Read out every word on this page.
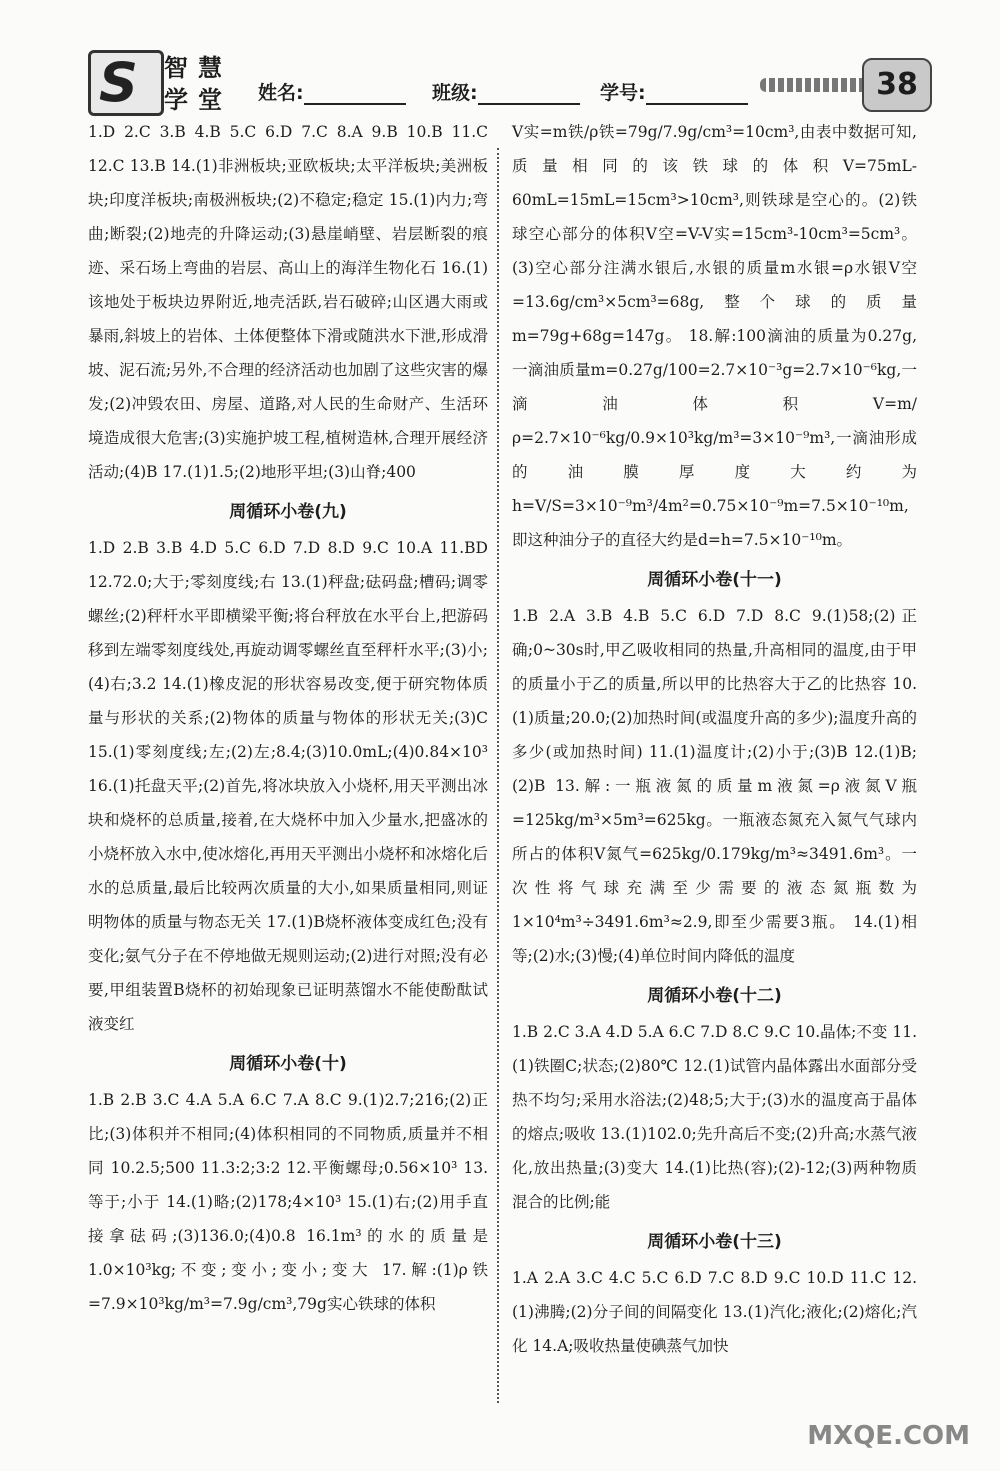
S 智 慧
学 堂 姓名:	班级:	学号:	38

1.D 2.C 3.B 4.B 5.C 6.D 7.C 8.A 9.B 10.B 11.C 12.C 13.B 14.(1)非洲板块;亚欧板块;太平洋板块;美洲板块;印度洋板块;南极洲板块;(2)不稳定;稳定 15.(1)内力;弯曲;断裂;(2)地壳的升降运动;(3)悬崖峭壁、岩层断裂的痕迹、采石场上弯曲的岩层、高山上的海洋生物化石 16.(1)该地处于板块边界附近,地壳活跃,岩石破碎;山区遇大雨或暴雨,斜坡上的岩体、土体便整体下滑或随洪水下泄,形成滑坡、泥石流;另外,不合理的经济活动也加剧了这些灾害的爆发;(2)冲毁农田、房屋、道路,对人民的生命财产、生活环境造成很大危害;(3)实施护坡工程,植树造林,合理开展经济活动;(4)B 17.(1)1.5;(2)地形平坦;(3)山脊;400

周循环小卷(九)

1.D 2.B 3.B 4.D 5.C 6.D 7.D 8.D 9.C 10.A 11.BD 12.72.0;大于;零刻度线;右 13.(1)秤盘;砝码盘;槽码;调零螺丝;(2)秤杆水平即横梁平衡;将台秤放在水平台上,把游码移到左端零刻度线处,再旋动调零螺丝直至秤杆水平;(3)小;(4)右;3.2 14.(1)橡皮泥的形状容易改变,便于研究物体质量与形状的关系;(2)物体的质量与物体的形状无关;(3)C 15.(1)零刻度线;左;(2)左;8.4;(3)10.0mL;(4)0.84×10³ 16.(1)托盘天平;(2)首先,将冰块放入小烧杯,用天平测出冰块和烧杯的总质量,接着,在大烧杯中加入少量水,把盛冰的小烧杯放入水中,使冰熔化,再用天平测出小烧杯和冰熔化后水的总质量,最后比较两次质量的大小,如果质量相同,则证明物体的质量与物态无关 17.(1)B烧杯液体变成红色;没有变化;氨气分子在不停地做无规则运动;(2)进行对照;没有必要,甲组装置B烧杯的初始现象已证明蒸馏水不能使酚酞试液变红

周循环小卷(十)

1.B 2.B 3.C 4.A 5.A 6.C 7.A 8.C 9.(1)2.7;216;(2)正比;(3)体积并不相同;(4)体积相同的不同物质,质量并不相同 10.2.5;500 11.3:2;3:2 12.平衡螺母;0.56×10³ 13.等于;小于 14.(1)略;(2)178;4×10³ 15.(1)右;(2)用手直接拿砝码;(3)136.0;(4)0.8 16.1m³的水的质量是1.0×10³kg;不变;变小;变小;变大 17.解:(1)ρ铁=7.9×10³kg/m³=7.9g/cm³,79g实心铁球的体积

V实=m铁/ρ铁=79g/7.9g/cm³=10cm³,由表中数据可知,质量相同的该铁球的体积V=75mL-60mL=15mL=15cm³>10cm³,则铁球是空心的。(2)铁球空心部分的体积V空=V-V实=15cm³-10cm³=5cm³。(3)空心部分注满水银后,水银的质量m水银=ρ水银V空=13.6g/cm³×5cm³=68g,整个球的质量m=79g+68g=147g。 18.解:100滴油的质量为0.27g,一滴油质量m=0.27g/100=2.7×10⁻³g=2.7×10⁻⁶kg,一滴油体积V=m/ρ=2.7×10⁻⁶kg/0.9×10³kg/m³=3×10⁻⁹m³,一滴油形成的油膜厚度大约为h=V/S=3×10⁻⁹m³/4m²=0.75×10⁻⁹m=7.5×10⁻¹⁰m,即这种油分子的直径大约是d=h=7.5×10⁻¹⁰m。

周循环小卷(十一)

1.B 2.A 3.B 4.B 5.C 6.D 7.D 8.C 9.(1)58;(2)正确;0~30s时,甲乙吸收相同的热量,升高相同的温度,由于甲的质量小于乙的质量,所以甲的比热容大于乙的比热容 10.(1)质量;20.0;(2)加热时间(或温度升高的多少);温度升高的多少(或加热时间) 11.(1)温度计;(2)小于;(3)B 12.(1)B;(2)B 13.解:一瓶液氮的质量m液氮=ρ液氮V瓶=125kg/m³×5m³=625kg。一瓶液态氮充入氮气气球内所占的体积V氮气=625kg/0.179kg/m³≈3491.6m³。一次性将气球充满至少需要的液态氮瓶数为1×10⁴m³÷3491.6m³≈2.9,即至少需要3瓶。 14.(1)相等;(2)水;(3)慢;(4)单位时间内降低的温度

周循环小卷(十二)

1.B 2.C 3.A 4.D 5.A 6.C 7.D 8.C 9.C 10.晶体;不变 11.(1)铁圈C;状态;(2)80℃ 12.(1)试管内晶体露出水面部分受热不均匀;采用水浴法;(2)48;5;大于;(3)水的温度高于晶体的熔点;吸收 13.(1)102.0;先升高后不变;(2)升高;水蒸气液化,放出热量;(3)变大 14.(1)比热(容);(2)-12;(3)两种物质混合的比例;能

周循环小卷(十三)

1.A 2.A 3.C 4.C 5.C 6.D 7.C 8.D 9.C 10.D 11.C 12.(1)沸腾;(2)分子间的间隔变化 13.(1)汽化;液化;(2)熔化;汽化 14.A;吸收热量使碘蒸气加快

MXQE.COM
